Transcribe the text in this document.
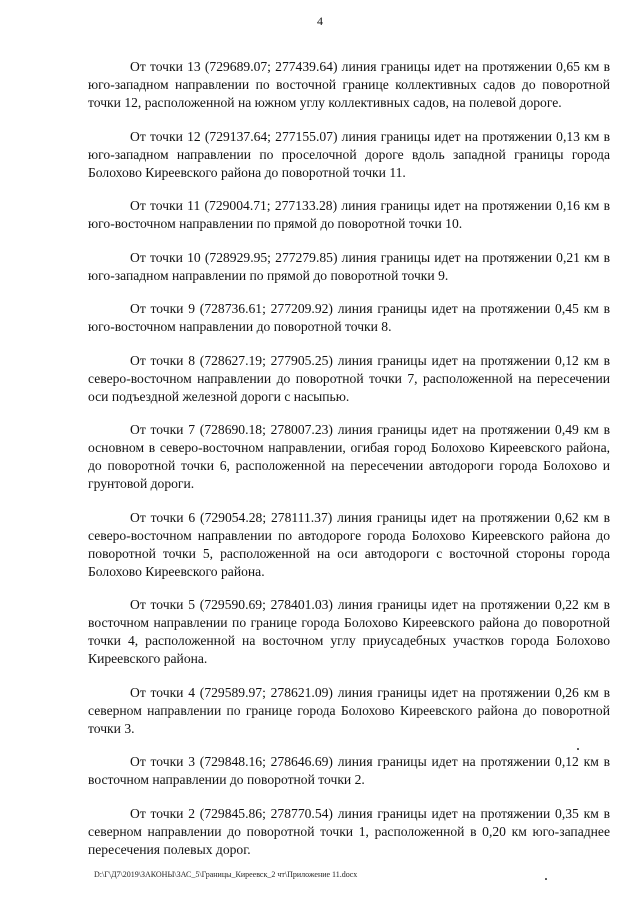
4

От точки 13 (729689.07; 277439.64) линия границы идет на протяжении 0,65 км в юго-западном направлении по восточной границе коллективных садов до поворотной точки 12, расположенной на южном углу коллективных садов, на полевой дороге.

От точки 12 (729137.64; 277155.07) линия границы идет на протяжении 0,13 км в юго-западном направлении по проселочной дороге вдоль западной границы города Болохово Киреевского района до поворотной точки 11.

От точки 11 (729004.71; 277133.28) линия границы идет на протяжении 0,16 км в юго-восточном направлении по прямой до поворотной точки 10.

От точки 10 (728929.95; 277279.85) линия границы идет на протяжении 0,21 км в юго-западном направлении по прямой до поворотной точки 9.

От точки 9 (728736.61; 277209.92) линия границы идет на протяжении 0,45 км в юго-восточном направлении до поворотной точки 8.

От точки 8 (728627.19; 277905.25) линия границы идет на протяжении 0,12 км в северо-восточном направлении до поворотной точки 7, расположенной на пересечении оси подъездной железной дороги с насыпью.

От точки 7 (728690.18; 278007.23) линия границы идет на протяжении 0,49 км в основном в северо-восточном направлении, огибая город Болохово Киреевского района, до поворотной точки 6, расположенной на пересечении автодороги города Болохово и грунтовой дороги.

От точки 6 (729054.28; 278111.37) линия границы идет на протяжении 0,62 км в северо-восточном направлении по автодороге города Болохово Киреевского района до поворотной точки 5, расположенной на оси автодороги с восточной стороны города Болохово Киреевского района.

От точки 5 (729590.69; 278401.03) линия границы идет на протяжении 0,22 км в восточном направлении по границе города Болохово Киреевского района до поворотной точки 4, расположенной на восточном углу приусадебных участков города Болохово Киреевского района.

От точки 4 (729589.97; 278621.09) линия границы идет на протяжении 0,26 км в северном направлении по границе города Болохово Киреевского района до поворотной точки 3.

От точки 3 (729848.16; 278646.69) линия границы идет на протяжении 0,12 км в восточном направлении до поворотной точки 2.

От точки 2 (729845.86; 278770.54) линия границы идет на протяжении 0,35 км в северном направлении до поворотной точки 1, расположенной в 0,20 км юго-западнее пересечения полевых дорог.

D:\Г\Д7\2019\ЗАКОНЫ\ЗАС_5\Границы_Киреевск_2 чт\Приложение 11.docx
